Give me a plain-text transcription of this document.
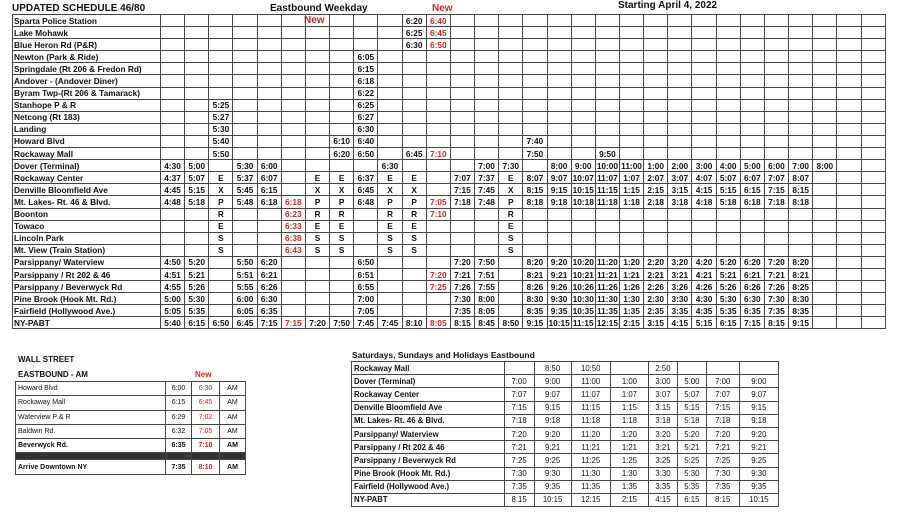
UPDATED SCHEDULE 46/80	Eastbound Weekday
New
New	Starting April 4, 2022
Sparta Police Station											6:20	6:40																		
Lake Mohawk											6:25	6:45																		
Blue Heron Rd (P&R)											6:30	6:50																		
Newton (Park & Ride)									6:05																					
Springdale (Rt 206 & Fredon Rd)									6:15																					
Andover - (Andover Diner)									6:18																					
Byram Twp-(Rt 206 & Tamarack)									6:22																					
Stanhope P & R			5:25						6:25																					
Netcong (Rt 183)			5:27						6:27																					
Landing			5:30						6:30																					
Howard Blvd			5:40					6:10	6:40							7:40														
Rockaway Mall			5:50					6:20	6:50		6:45	7:10				7:50			9:50											
Dover (Terminal)	4:30	5:00		5:30	6:00					6:30				7:00	7:30		8:00	9:00	10:00	11:00	1:00	2:00	3:00	4:00	5:00	6:00	7:00	8:00		
Rockaway Center	4:37	5:07	E	5:37	6:07		E	E	6:37	E	E		7:07	7:37	E	8:07	9:07	10:07	11:07	1:07	2:07	3:07	4:07	5:07	6:07	7:07	8:07			
Denville Bloomfield Ave	4:45	5:15	X	5:45	6:15		X	X	6:45	X	X		7:15	7:45	X	8:15	9:15	10:15	11:15	1:15	2:15	3:15	4:15	5:15	6:15	7:15	8:15			
Mt. Lakes- Rt. 46 & Blvd.	4:48	5:18	P	5:48	6:18	6:18	P	P	6:48	P	P	7:05	7:18	7:48	P	8:18	9:18	10:18	11:18	1:18	2:18	3:18	4:18	5:18	6:18	7:18	8:18			
Boonton			R			6:23	R	R		R	R	7:10			R															
Towaco			E			6:33	E	E		E	E				E															
Lincoln Park			S			6:38	S	S		S	S				S															
Mt. View (Train Station)			S			6:43	S	S		S	S				S															
Parsippany/ Waterview	4:50	5:20		5:50	6:20				6:50				7:20	7:50		8:20	9:20	10:20	11:20	1:20	2:20	3:20	4:20	5:20	6:20	7:20	8:20			
Parsippany / Rt 202 & 46	4:51	5:21		5:51	6:21				6:51			7:20	7:21	7:51		8:21	9:21	10:21	11:21	1:21	2:21	3:21	4:21	5:21	6:21	7:21	8:21			
Parsippany / Beverwyck Rd	4:55	5:26		5:55	6:26				6:55			7:25	7:26	7:55		8:26	9:26	10:26	11:26	1:26	2:26	3:26	4:26	5:26	6:26	7:26	8:25			
Pine Brook (Hook Mt. Rd.)	5:00	5:30		6:00	6:30				7:00				7:30	8:00		8:30	9:30	10:30	11:30	1:30	2:30	3:30	4:30	5:30	6:30	7:30	8:30			
Fairfield (Hollywood Ave.)	5:05	5:35		6:05	6:35				7:05				7:35	8:05		8:35	9:35	10:35	11:35	1:35	2:35	3:35	4:35	5:35	6:35	7:35	8:35			
NY-PABT	5:40	6:15	6:50	6:45	7:15	7:15	7:20	7:50	7:45	7:45	8:10	8:05	8:15	8:45	8:50	9:15	10:15	11:15	12:15	2:15	3:15	4:15	5:15	6:15	7:15	8:15	9:15			
WALL STREET
EASTBOUND - AM	New
Howard Blvd	6:00	6:30	AM
Rockaway Mall	6:15	6:45	AM
Waterview P & R	6:29	7:02	AM
Baldwin Rd.	6:32	7:05	AM
Beverwyck Rd.	6:35	7:10	AM

Arrive Downtown NY	7:35	8:10	AM
Saturdays, Sundays and Holidays Eastbound
Rockaway Mall		8:50	10:50		2:50			
Dover (Terminal)	7:00	9:00	11:00	1:00	3:00	5:00	7:00	9:00
Rockaway Center	7:07	9:07	11:07	1:07	3:07	5:07	7:07	9:07
Denville Bloomfield Ave	7:15	9:15	11:15	1:15	3:15	5:15	7:15	9:15
Mt. Lakes- Rt. 46 & Blvd.	7:18	9:18	11:18	1:18	3:18	5:18	7:18	9:18
Parsippany/ Waterview	7:20	9:20	11:20	1:20	3:20	5:20	7:20	9:20
Parsippany / Rt 202 & 46	7:21	9:21	11:21	1:21	3:21	5:21	7:21	9:21
Parsippany / Beverwyck Rd	7:25	9:25	11:25	1:25	3:25	5:25	7:25	9:25
Pine Brook (Hook Mt. Rd.)	7:30	9:30	11:30	1:30	3:30	5:30	7:30	9:30
Fairfield (Hollywood Ave.)	7:35	9:35	11:35	1:35	3:35	5:35	7:35	9:35
NY-PABT	8:15	10:15	12:15	2:15	4:15	6:15	8:15	10:15
